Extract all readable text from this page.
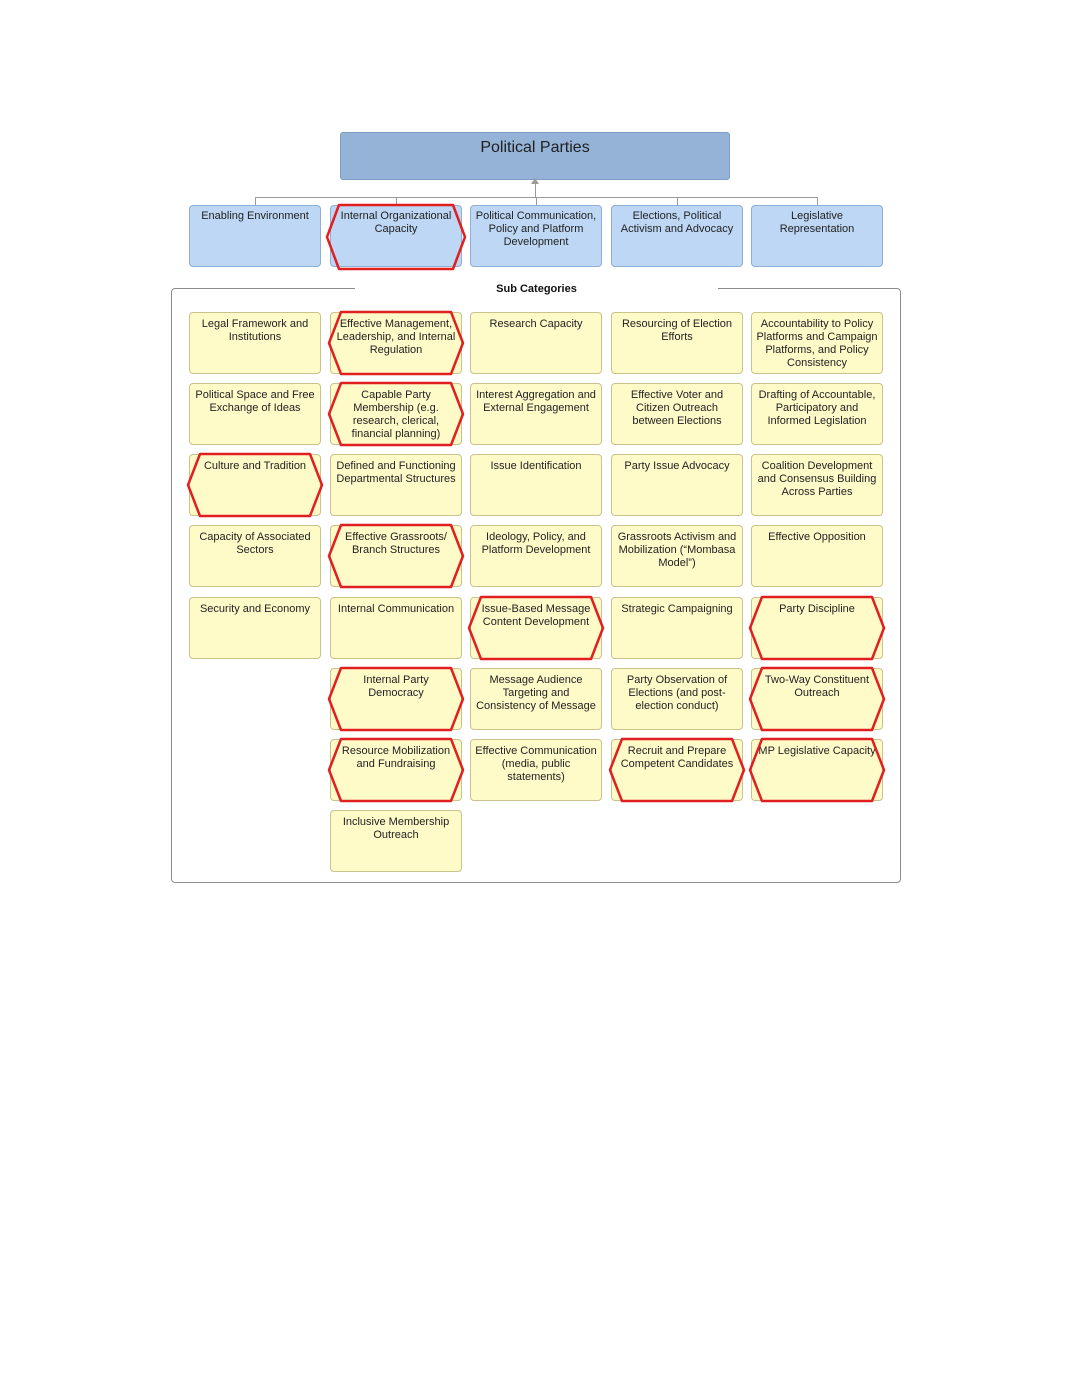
Political Parties
Sub Categories
Enabling Environment	Internal Organizational Capacity
Political Communication, Policy and Platform Development
Elections, Political Activism and Advocacy
Legislative Representation
Legal Framework and Institutions
Political Space and Free Exchange of Ideas
Culture and Tradition
Capacity of Associated Sectors
Security and Economy
Effective Management, Leadership, and Internal Regulation
Capable Party Membership (e.g. research, clerical, financial planning)
Defined and Functioning Departmental Structures
Effective Grassroots/ Branch Structures
Internal Communication
Internal Party Democracy
Resource Mobilization and Fundraising
Inclusive Membership Outreach
Research Capacity
Interest Aggregation and External Engagement
Issue Identification
Ideology, Policy, and Platform Development
Issue-Based Message Content Development
Message Audience Targeting and Consistency of Message
Effective Communication (media, public statements)
Resourcing of Election Efforts
Effective Voter and Citizen Outreach between Elections
Party Issue Advocacy
Grassroots Activism and Mobilization (“Mombasa Model”)
Strategic Campaigning
Party Observation of Elections (and post-election conduct)
Recruit and Prepare Competent Candidates
Accountability to Policy Platforms and Campaign Platforms, and Policy Consistency
Drafting of Accountable, Participatory and Informed Legislation
Coalition Development and Consensus Building Across Parties
Effective Opposition
Party Discipline
Two-Way Constituent Outreach
MP Legislative Capacity
